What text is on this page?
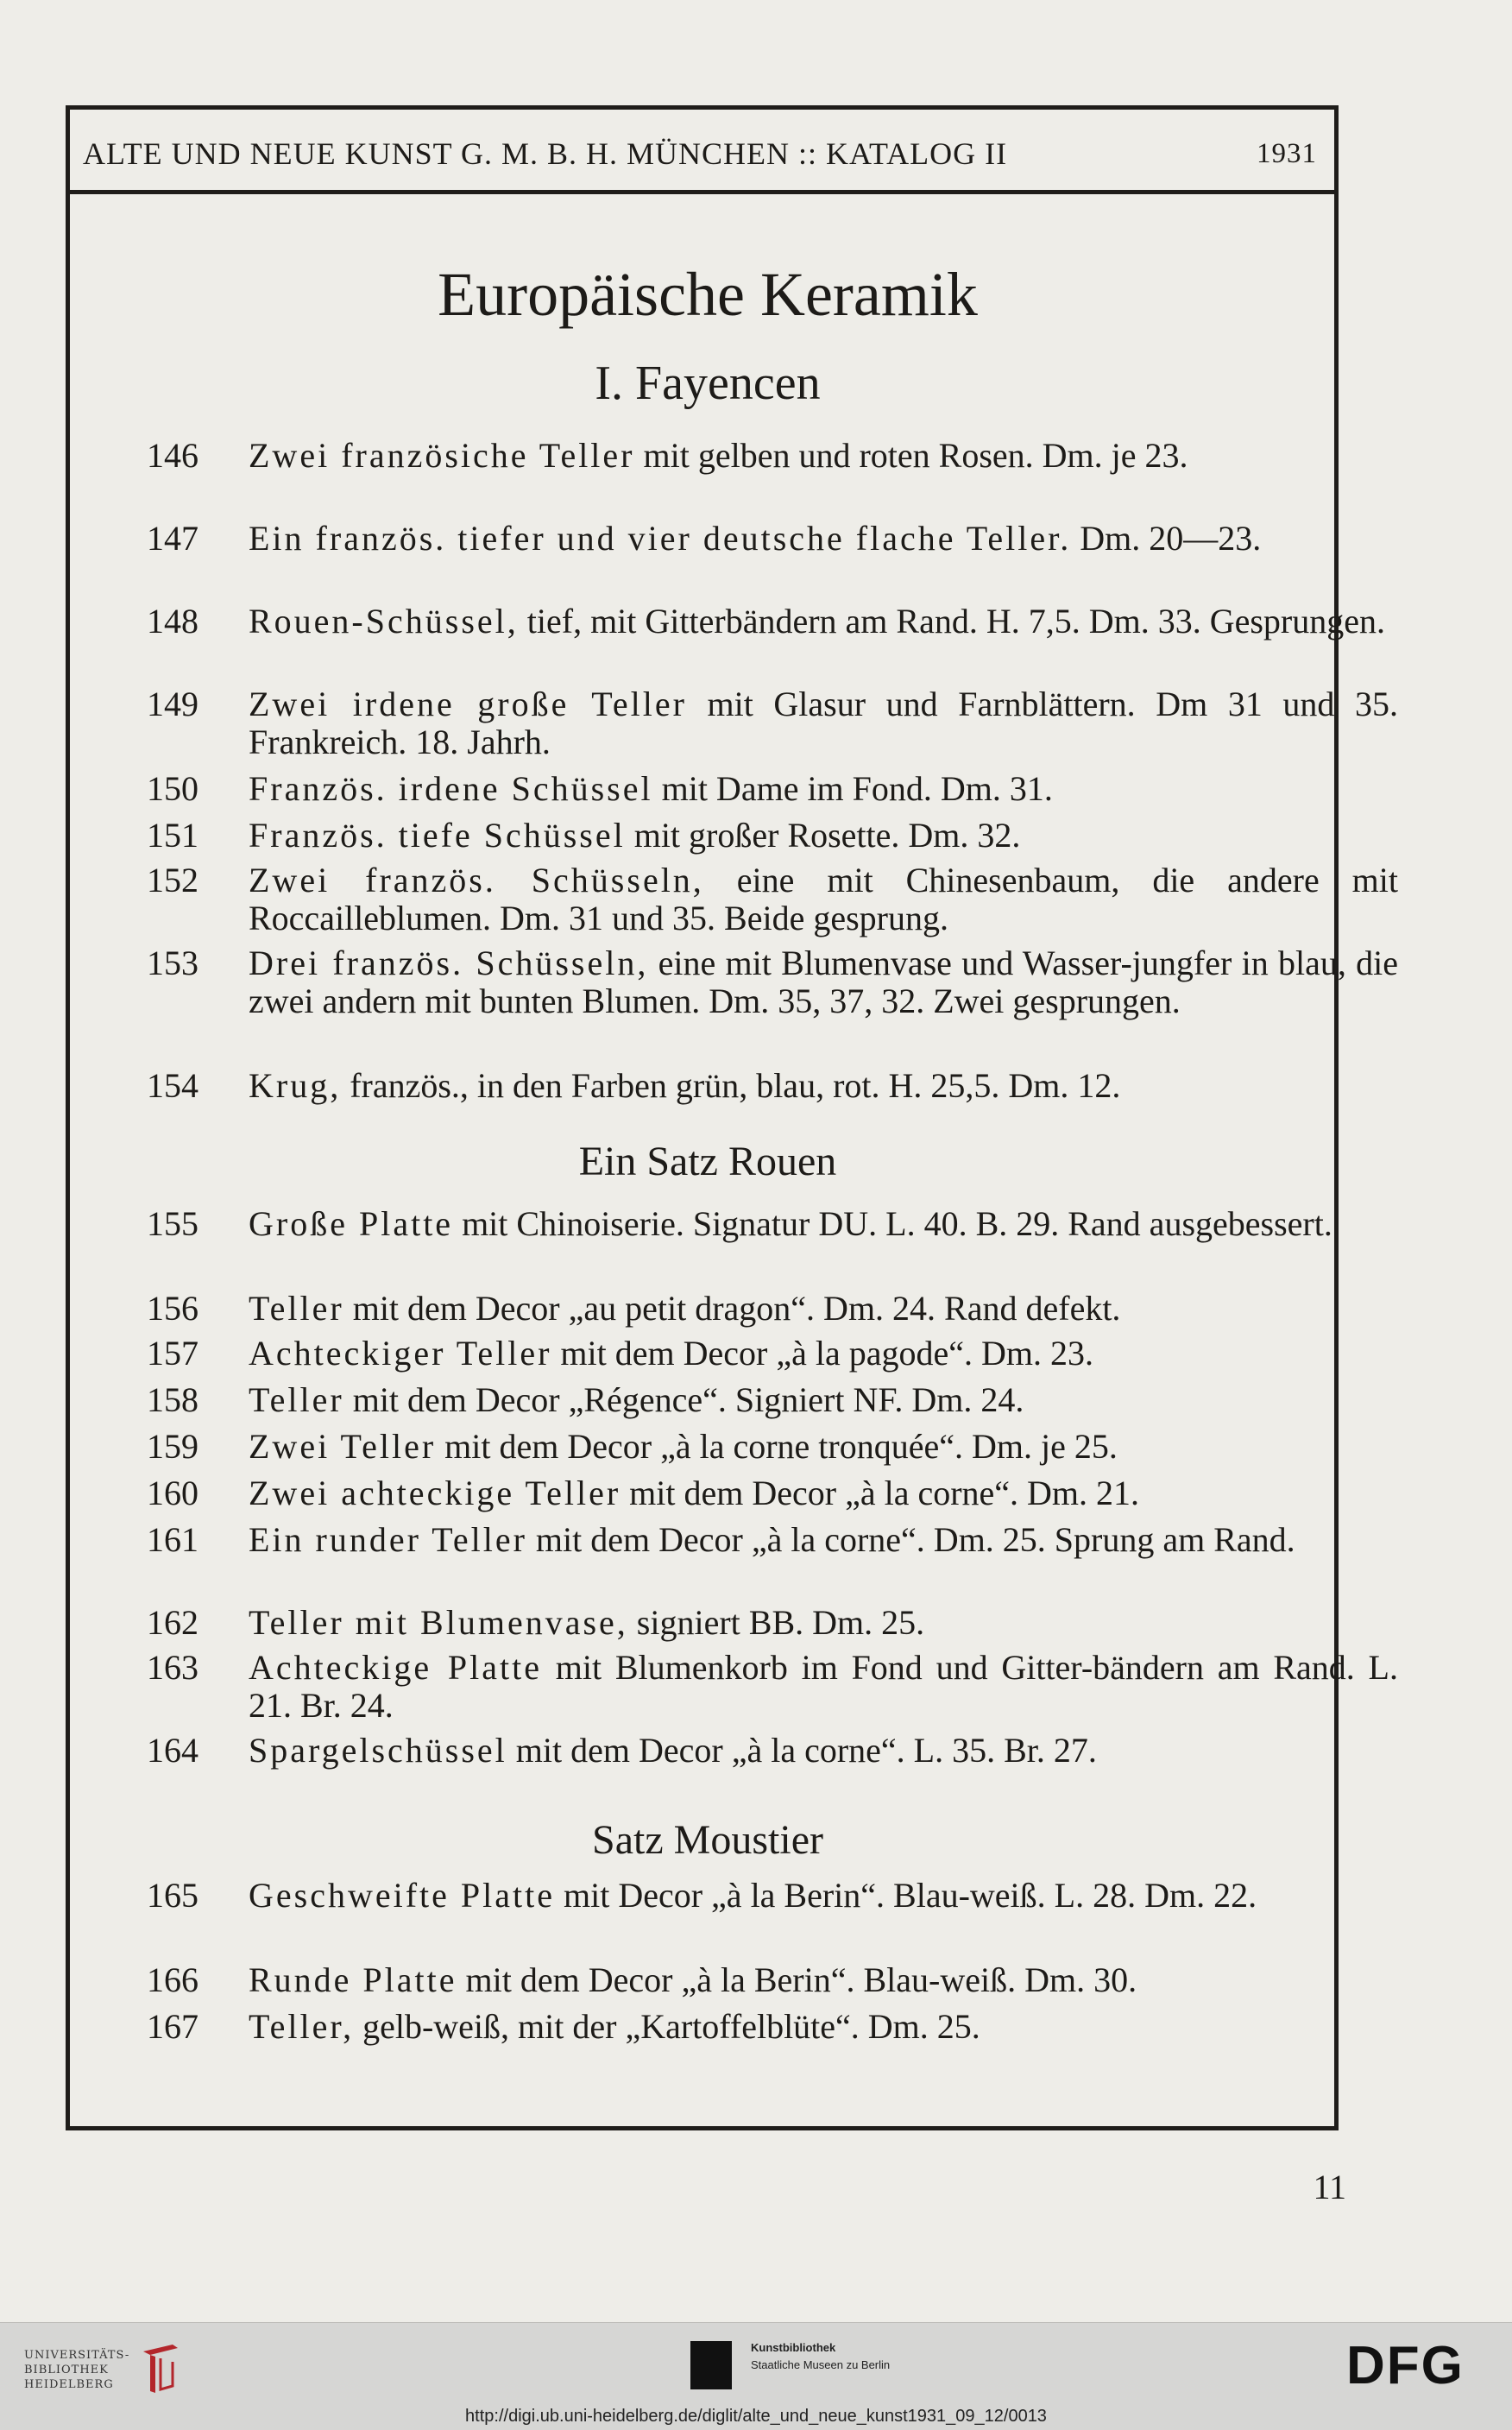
ALTE UND NEUE KUNST G. M. B. H. MÜNCHEN :: KATALOG II	1931
Europäische Keramik
I. Fayencen
146	Zwei französiche Teller mit gelben und roten Rosen. Dm. je 23.
147	Ein französ. tiefer und vier deutsche flache Teller. Dm. 20—23.
148	Rouen-Schüssel, tief, mit Gitterbändern am Rand. H. 7,5. Dm. 33. Gesprungen.
149	Zwei irdene große Teller mit Glasur und Farnblättern. Dm 31 und 35. Frankreich. 18. Jahrh.
150	Französ. irdene Schüssel mit Dame im Fond. Dm. 31.
151	Französ. tiefe Schüssel mit großer Rosette. Dm. 32.
152	Zwei französ. Schüsseln, eine mit Chinesenbaum, die andere mit Roccailleblumen. Dm. 31 und 35. Beide gesprung.
153	Drei französ. Schüsseln, eine mit Blumenvase und Wasser-jungfer in blau, die zwei andern mit bunten Blumen. Dm. 35, 37, 32. Zwei gesprungen.
154	Krug, französ., in den Farben grün, blau, rot. H. 25,5. Dm. 12.
Ein Satz Rouen
155	Große Platte mit Chinoiserie. Signatur DU. L. 40. B. 29. Rand ausgebessert.
156	Teller mit dem Decor „au petit dragon“. Dm. 24. Rand defekt.
157	Achteckiger Teller mit dem Decor „à la pagode“. Dm. 23.
158	Teller mit dem Decor „Régence“. Signiert NF. Dm. 24.
159	Zwei Teller mit dem Decor „à la corne tronquée“. Dm. je 25.
160	Zwei achteckige Teller mit dem Decor „à la corne“. Dm. 21.
161	Ein runder Teller mit dem Decor „à la corne“. Dm. 25. Sprung am Rand.
162	Teller mit Blumenvase, signiert BB. Dm. 25.
163	Achteckige Platte mit Blumenkorb im Fond und Gitter-bändern am Rand. L. 21. Br. 24.
164	Spargelschüssel mit dem Decor „à la corne“. L. 35. Br. 27.
Satz Moustier
165	Geschweifte Platte mit Decor „à la Berin“. Blau-weiß. L. 28. Dm. 22.
166	Runde Platte mit dem Decor „à la Berin“. Blau-weiß. Dm. 30.
167	Teller, gelb-weiß, mit der „Kartoffelblüte“. Dm. 25.
11
UNIVERSITÄTS-
BIBLIOTHEK
HEIDELBERG
Kunstbibliothek
Staatliche Museen zu Berlin	DFG
http://digi.ub.uni-heidelberg.de/diglit/alte_und_neue_kunst1931_09_12/0013
